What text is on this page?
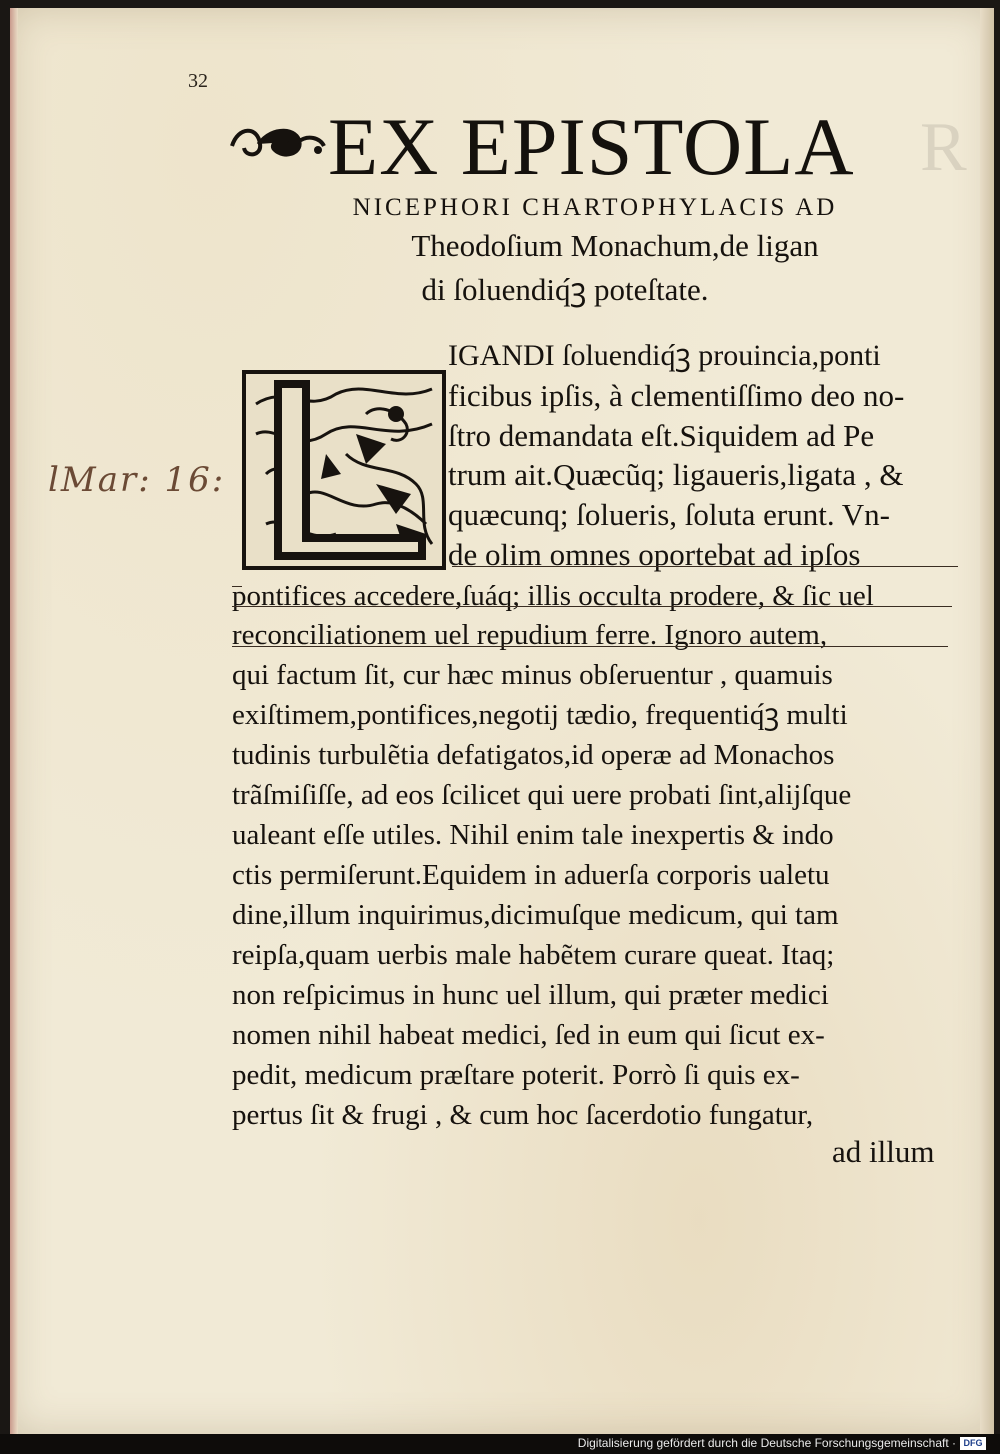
32
EX EPISTOLA R
NICEPHORI CHARTOPHYLACIS AD
Theodoſium Monachum,de ligan
di ſoluendiq́ꝫ poteſtate.
lMar: 16:
IGANDI ſoluendiq́ꝫ prouincia,ponti
ficibus ipſis, à clementiſſimo deo no-
ſtro demandata eſt.Siquidem ad Pe
trum ait.Quæcũq; ligaueris,ligata , &
quæcunq; ſolueris, ſoluta erunt. Vn-
de olim omnes oportebat ad ipſos
pontifices accedere,ſuáq; illis occulta prodere, & ſic uel
reconciliationem uel repudium ferre. Ignoro autem,
qui factum ſit, cur hæc minus obſeruentur , quamuis
exiſtimem,pontifices,negotij tædio, frequentiq́ꝫ multi
tudinis turbulẽtia defatigatos,id operæ ad Monachos
trãſmiſiſſe, ad eos ſcilicet qui uere probati ſint,alijſque
ualeant eſſe utiles. Nihil enim tale inexpertis & indo
ctis permiſerunt.Equidem in aduerſa corporis ualetu
dine,illum inquirimus,dicimuſque medicum, qui tam
reipſa,quam uerbis male habẽtem curare queat. Itaq;
non reſpicimus in hunc uel illum, qui præter medici
nomen nihil habeat medici, ſed in eum qui ſicut ex-
pedit, medicum præſtare poterit. Porrò ſi quis ex-
pertus ſit & frugi , & cum hoc ſacerdotio fungatur,
ad illum
Digitalisierung gefördert durch die Deutsche Forschungsgemeinschaft · DFG
